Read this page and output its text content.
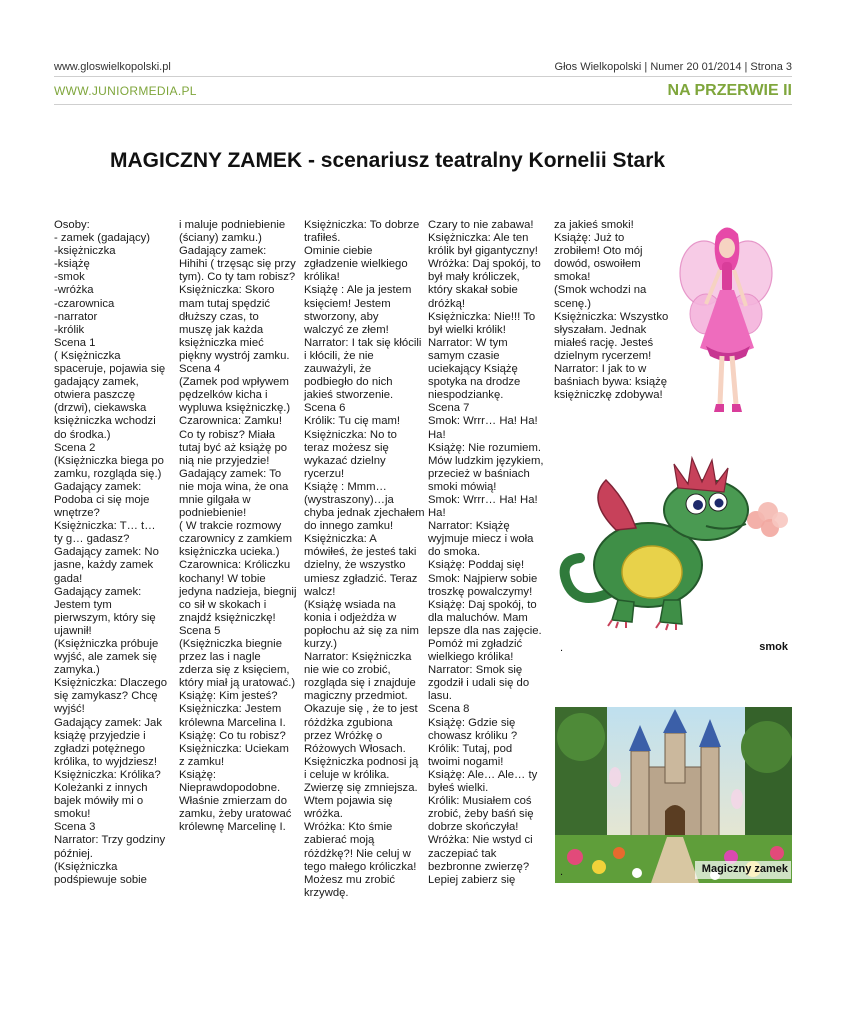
www.gloswielkopolski.pl	Głos Wielkopolski | Numer 20 01/2014 | Strona 3
WWW.JUNIORMEDIA.PL	NA PRZERWIE II
MAGICZNY ZAMEK - scenariusz teatralny Kornelii Stark
Osoby:
- zamek (gadający)
-księżniczka
-książę
-smok
-wróżka
-czarownica
-narrator
-królik
Scena 1
( Księżniczka
spaceruje, pojawia się
gadający zamek,
otwiera paszczę
(drzwi), ciekawska
księżniczka wchodzi
do środka.)
Scena 2
(Księżniczka biega po
zamku, rozgląda się.)
Gadający zamek:
Podoba ci się moje
wnętrze?
Księżniczka: T… t…
ty g… gadasz?
Gadający zamek: No
jasne, każdy zamek
gada!
Gadający zamek:
Jestem tym
pierwszym, który się
ujawnił!
(Księżniczka próbuje
wyjść, ale zamek się
zamyka.)
Księżniczka: Dlaczego
się zamykasz? Chcę
wyjść!
Gadający zamek: Jak
książę przyjedzie i
zgładzi potężnego
królika, to wyjdziesz!
Księżniczka: Królika?
Koleżanki z innych
bajek mówiły mi o
smoku!
Scena 3
Narrator: Trzy godziny
później.
(Księżniczka
podśpiewuje sobie
i maluje podniebienie
(ściany) zamku.)
Gadający zamek:
Hihihi ( trzęsąc się przy
tym). Co ty tam robisz?
Księżniczka: Skoro
mam tutaj spędzić
dłuższy czas, to
muszę jak każda
księżniczka mieć
piękny wystrój zamku.
Scena 4
(Zamek pod wpływem
pędzelków kicha i
wypluwa księżniczkę.)
Czarownica: Zamku!
Co ty robisz? Miała
tutaj być aż książę po
nią nie przyjedzie!
Gadający zamek: To
nie moja wina, że ona
mnie gilgała w
podniebienie!
( W trakcie rozmowy
czarownicy z zamkiem
księżniczka ucieka.)
Czarownica: Króliczku
kochany! W tobie
jedyna nadzieja, biegnij
co sił w skokach i
znajdź księżniczkę!
Scena 5
(Księżniczka biegnie
przez las i nagle
zderza się z księciem,
który miał ją uratować.)
Książę: Kim jesteś?
Księżniczka: Jestem
królewna Marcelina I.
Książę: Co tu robisz?
Księżniczka: Uciekam
z zamku!
Książę:
Nieprawdopodobne.
Właśnie zmierzam do
zamku, żeby uratować
królewnę Marcelinę I.
Księżniczka: To dobrze
trafiłeś.
Ominie ciebie
zgładzenie wielkiego
królika!
Książę : Ale ja jestem
księciem! Jestem
stworzony, aby
walczyć ze złem!
Narrator: I tak się kłócili
i kłócili, że nie
zauważyli, że
podbiegło do nich
jakieś stworzenie.
Scena 6
Królik: Tu cię mam!
Księżniczka: No to
teraz możesz się
wykazać dzielny
rycerzu!
Książę : Mmm…
(wystraszony)…ja
chyba jednak zjechałem
do innego zamku!
Księżniczka: A
mówiłeś, że jesteś taki
dzielny, że wszystko
umiesz zgładzić. Teraz
walcz!
(Książę wsiada na
konia i odjeżdża w
popłochu aż się za nim
kurzy.)
Narrator: Księżniczka
nie wie co zrobić,
rozgląda się i znajduje
magiczny przedmiot.
Okazuje się , że to jest
różdżka zgubiona
przez Wróżkę o
Różowych Włosach.
Księżniczka podnosi ją
i celuje w królika.
Zwierzę się zmniejsza.
Wtem pojawia się
wróżka.
Wróżka: Kto śmie
zabierać moją
różdżkę?! Nie celuj w
tego małego króliczka!
Możesz mu zrobić
krzywdę.
Czary to nie zabawa!
Księżniczka: Ale ten
królik był gigantyczny!
Wróżka: Daj spokój, to
był mały króliczek,
który skakał sobie
dróżką!
Księżniczka: Nie!!! To
był wielki królik!
Narrator: W tym
samym czasie
uciekający Książę
spotyka na drodze
niespodziankę.
Scena 7
Smok: Wrrr… Ha! Ha!
Ha!
Książę: Nie rozumiem.
Mów ludzkim językiem,
przecież w baśniach
smoki mówią!
Smok: Wrrr… Ha! Ha!
Ha!
Narrator: Książę
wyjmuje miecz i woła
do smoka.
Książę: Poddaj się!
Smok: Najpierw sobie
troszkę powalczymy!
Książę: Daj spokój, to
dla maluchów. Mam
lepsze dla nas zajęcie.
Pomóż mi zgładzić
wielkiego królika!
Narrator: Smok się
zgodził i udali się do
lasu.
Scena 8
Książę: Gdzie się
chowasz króliku ?
Królik: Tutaj, pod
twoimi nogami!
Książę: Ale… Ale… ty
byłeś wielki.
Królik: Musiałem coś
zrobić, żeby baśń się
dobrze skończyła!
Wróżka: Nie wstyd ci
zaczepiać tak
bezbronne zwierzę?
Lepiej zabierz się
za jakieś smoki!
Książę: Już to
zrobiłem! Oto mój
dowód, oswoiłem
smoka!
(Smok wchodzi na
scenę.)
Księżniczka: Wszystko
słyszałam. Jednak
miałeś rację. Jesteś
dzielnym rycerzem!
Narrator: I jak to w
baśniach bywa: książę
księżniczkę zdobywa!
.	smok
.	Magiczny zamek
